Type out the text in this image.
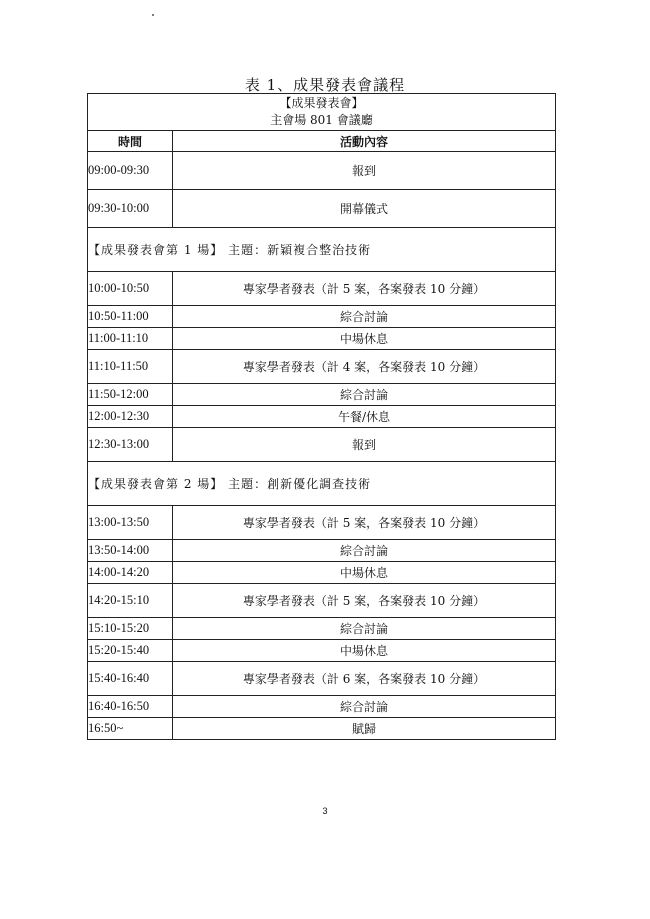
表 1、成果發表會議程
【成果發表會】
主會場 801 會議廳	

時間	活動內容
09:00-09:30	報到
09:30-10:00	開幕儀式
【成果發表會第 1 場】 主題：新穎複合整治技術	
10:00-10:50	專家學者發表（計 5 案，各案發表 10 分鐘）
10:50-11:00	綜合討論
11:00-11:10	中場休息
11:10-11:50	專家學者發表（計 4 案，各案發表 10 分鐘）
11:50-12:00	綜合討論
12:00-12:30	午餐/休息
12:30-13:00	報到
【成果發表會第 2 場】 主題：創新優化調查技術	
13:00-13:50	專家學者發表（計 5 案，各案發表 10 分鐘）
13:50-14:00	綜合討論
14:00-14:20	中場休息
14:20-15:10	專家學者發表（計 5 案，各案發表 10 分鐘）
15:10-15:20	綜合討論
15:20-15:40	中場休息
15:40-16:40	專家學者發表（計 6 案，各案發表 10 分鐘）
16:40-16:50	綜合討論
16:50~	賦歸
3
